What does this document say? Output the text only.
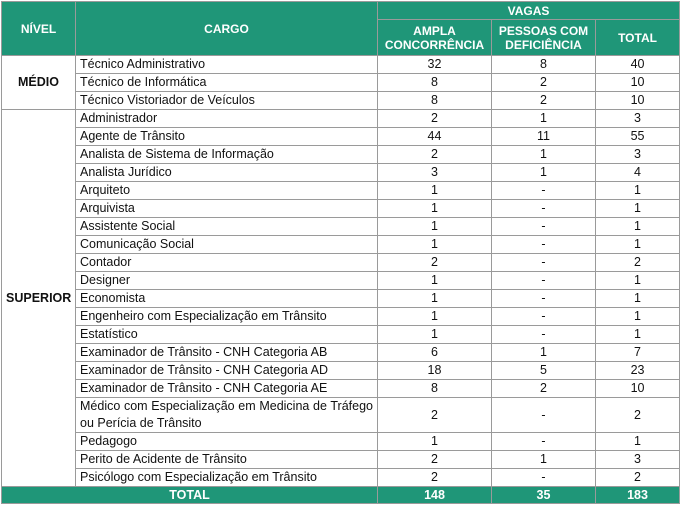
NÍVEL	CARGO	VAGAS		
		AMPLA CONCORRÊNCIA	PESSOAS COM DEFICIÊNCIA	TOTAL
MÉDIO	Técnico Administrativo	32	8	40
	Técnico de Informática	8	2	10
	Técnico Vistoriador de Veículos	8	2	10
SUPERIOR	Administrador	2	1	3
	Agente de Trânsito	44	11	55
	Analista de Sistema de Informação	2	1	3
	Analista Jurídico	3	1	4
	Arquiteto	1	-	1
	Arquivista	1	-	1
	Assistente Social	1	-	1
	Comunicação Social	1	-	1
	Contador	2	-	2
	Designer	1	-	1
	Economista	1	-	1
	Engenheiro com Especialização em Trânsito	1	-	1
	Estatístico	1	-	1
	Examinador de Trânsito - CNH Categoria AB	6	1	7
	Examinador de Trânsito - CNH Categoria AD	18	5	23
	Examinador de Trânsito - CNH Categoria AE	8	2	10
	Médico com Especialização em Medicina de Tráfego ou Perícia de Trânsito	2	-	2
	Pedagogo	1	-	1
	Perito de Acidente de Trânsito	2	1	3
	Psicólogo com Especialização em Trânsito	2	-	2
TOTAL		148	35	183
